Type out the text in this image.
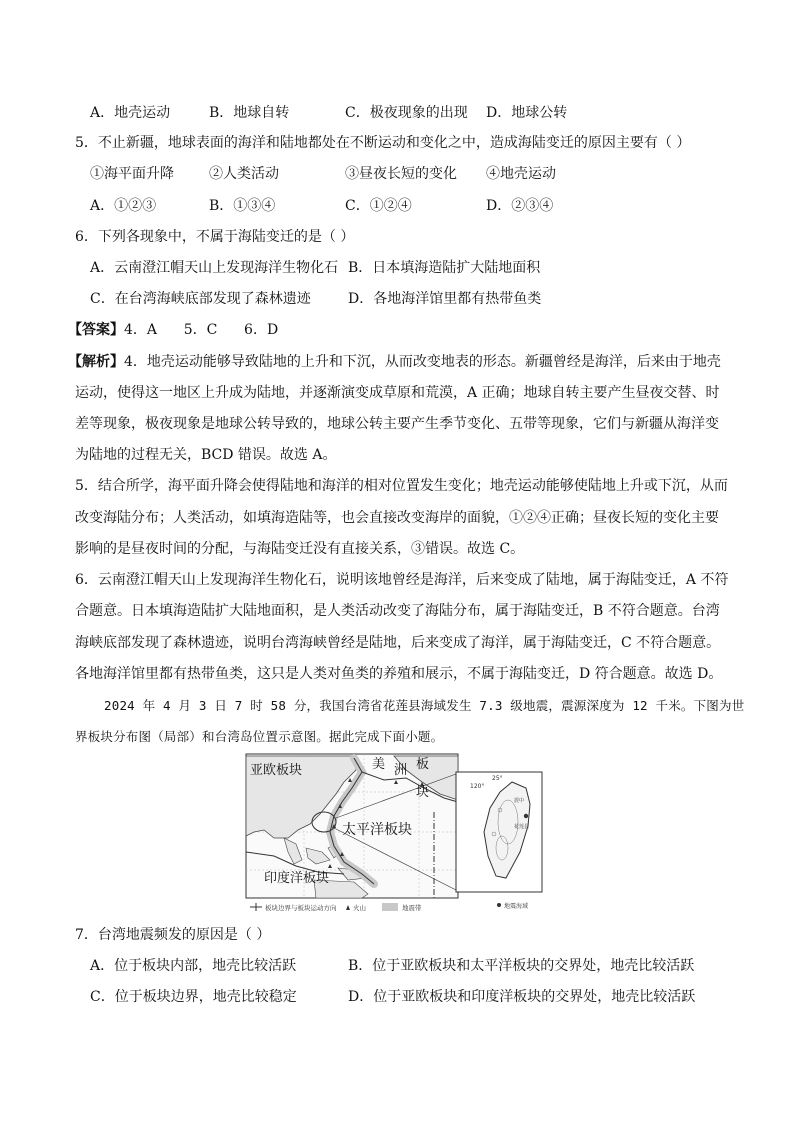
A．地壳运动	B．地球自转	C．极夜现象的出现 D．地球公转
5．不止新疆，地球表面的海洋和陆地都处在不断运动和变化之中，造成海陆变迁的原因主要有（ ）
①海平面升降	②人类活动	③昼夜长短的变化 ④地壳运动
A．①②③	B．①③④	C．①②④	D．②③④
6．下列各现象中，不属于海陆变迁的是（ ）
A．云南澄江帽天山上发现海洋生物化石 B．日本填海造陆扩大陆地面积
C．在台湾海峡底部发现了森林遗迹	D．各地海洋馆里都有热带鱼类
【答案】4．A      5．C      6．D
【解析】4．地壳运动能够导致陆地的上升和下沉，从而改变地表的形态。新疆曾经是海洋，后来由于地壳
运动，使得这一地区上升成为陆地，并逐渐演变成草原和荒漠，A 正确；地球自转主要产生昼夜交替、时
差等现象，极夜现象是地球公转导致的，地球公转主要产生季节变化、五带等现象，它们与新疆从海洋变
为陆地的过程无关，BCD 错误。故选 A。
5．结合所学，海平面升降会使得陆地和海洋的相对位置发生变化；地壳运动能够使陆地上升或下沉，从而
改变海陆分布；人类活动，如填海造陆等，也会直接改变海岸的面貌，①②④正确；昼夜长短的变化主要
影响的是昼夜时间的分配，与海陆变迁没有直接关系，③错误。故选 C。
6．云南澄江帽天山上发现海洋生物化石，说明该地曾经是海洋，后来变成了陆地，属于海陆变迁，A 不符
合题意。日本填海造陆扩大陆地面积，是人类活动改变了海陆分布，属于海陆变迁，B 不符合题意。台湾
海峡底部发现了森林遗迹，说明台湾海峡曾经是陆地，后来变成了海洋，属于海陆变迁，C 不符合题意。
各地海洋馆里都有热带鱼类，这只是人类对鱼类的养殖和展示，不属于海陆变迁，D 符合题意。故选 D。
2024 年 4 月 3 日 7 时 58 分，我国台湾省花莲县海域发生 7.3 级地震，震源深度为 12 千米。下图为世
界板块分布图（局部）和台湾岛位置示意图。据此完成下面小题。
亚欧板块	美 洲 板
块
太平洋板块
印度洋板块
25°
120°
震中
花莲县
板块边界与板块运动方向	火山	地震带	地震海域
7．台湾地震频发的原因是（ ）
A．位于板块内部，地壳比较活跃	B．位于亚欧板块和太平洋板块的交界处，地壳比较活跃
C．位于板块边界，地壳比较稳定	D．位于亚欧板块和印度洋板块的交界处，地壳比较活跃
